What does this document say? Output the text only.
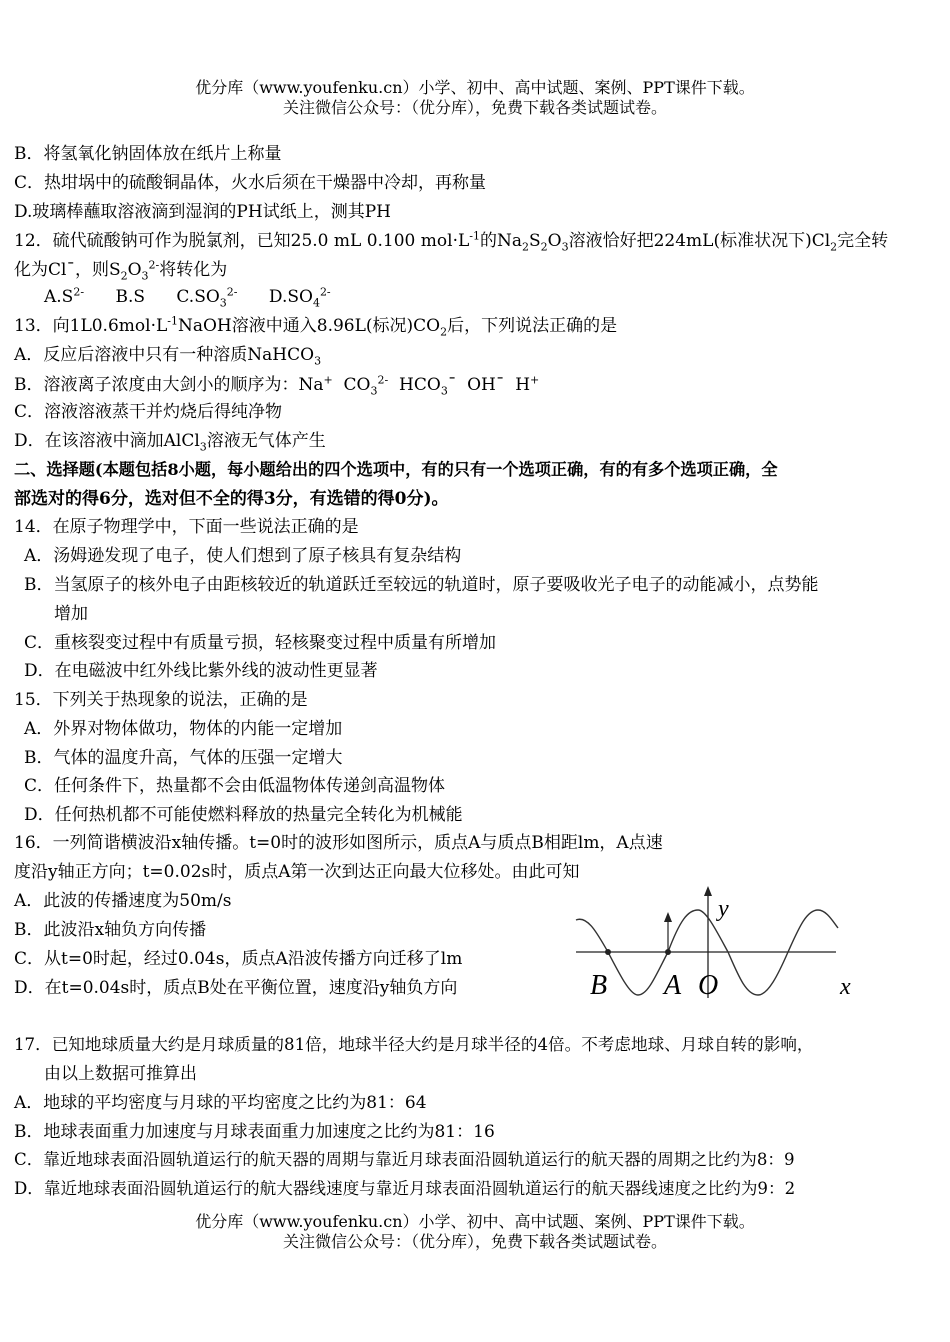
优分库（www.youfenku.cn）小学、初中、高中试题、案例、PPT课件下载。
关注微信公众号：（优分库），免费下载各类试题试卷。
B．将氢氧化钠固体放在纸片上称量
C．热坩埚中的硫酸铜晶体，火水后须在干燥器中冷却，再称量
D.玻璃棒蘸取溶液滴到湿润的PH试纸上，测其PH
12．硫代硫酸钠可作为脱氯剂，已知25.0 mL 0.100 $mol\cdot L^{-1}$的$Na_2S_2O_3$溶液恰好把224mL(标准状况下)$Cl_2$完全转
化为Cl¯，则$S_2O_3^{2-}$将转化为
$A.S^{2-}$ B.S $C.SO_3^{2-}$ $D.SO_4^{2-}$
13．向$1L0.6mol\cdot L^{-1}NaOH$溶液中通入8.96L(标况)$CO_2$后，下列说法正确的是
A．反应后溶液中只有一种溶质NaHCO$_3$
B．溶液离子浓度由大剑小的顺序为：Na+ $CO_3^{2-}$ $HCO_3¯$ OH¯ H+
C．溶液溶液蒸干并灼烧后得纯净物
D．在该溶液中滴加AlCl$_3$溶液无气体产生
二、选择题(本题包括8小题，每小题给出的四个选项中，有的只有一个选项正确，有的有多个选项正确，全
部选对的得6分，选对但不全的得3分，有选错的得0分)。
14．在原子物理学中，下面一些说法正确的是
A．汤姆逊发现了电子，使人们想到了原子核具有复杂结构
B．当氢原子的核外电子由距核较近的轨道跃迁至较远的轨道时，原子要吸收光子电子的动能减小，点势能
增加
C．重核裂变过程中有质量亏损，轻核聚变过程中质量有所增加
D．在电磁波中红外线比紫外线的波动性更显著
15．下列关于热现象的说法，正确的是
A．外界对物体做功，物体的内能一定增加
B．气体的温度升高，气体的压强一定增大
C．任何条件下，热量都不会由低温物体传递剑高温物体
D．任何热机都不可能使燃料释放的热量完全转化为机械能
16．一列简谐横波沿x轴传播。t=0时的波形如图所示，质点A与质点B相距lm，A点速
度沿y轴正方向；t=0.02s时，质点A第一次到达正向最大位移处。由此可知
A．此波的传播速度为50m/s
B．此波沿x轴负方向传播
C．从t=0时起，经过0.04s，质点A沿波传播方向迁移了lm
D．在t=0.04s时，质点B处在平衡位置，速度沿y轴负方向
y
x
B A O
17．已知地球质量大约是月球质量的81倍，地球半径大约是月球半径的4倍。不考虑地球、月球自转的影响，
由以上数据可推算出
A．地球的平均密度与月球的平均密度之比约为81：64
B．地球表面重力加速度与月球表面重力加速度之比约为81：16
C．靠近地球表面沿圆轨道运行的航天器的周期与靠近月球表面沿圆轨道运行的航天器的周期之比约为8：9
D．靠近地球表面沿圆轨道运行的航大器线速度与靠近月球表面沿圆轨道运行的航天器线速度之比约为9：2
优分库（www.youfenku.cn）小学、初中、高中试题、案例、PPT课件下载。
关注微信公众号：（优分库），免费下载各类试题试卷。
